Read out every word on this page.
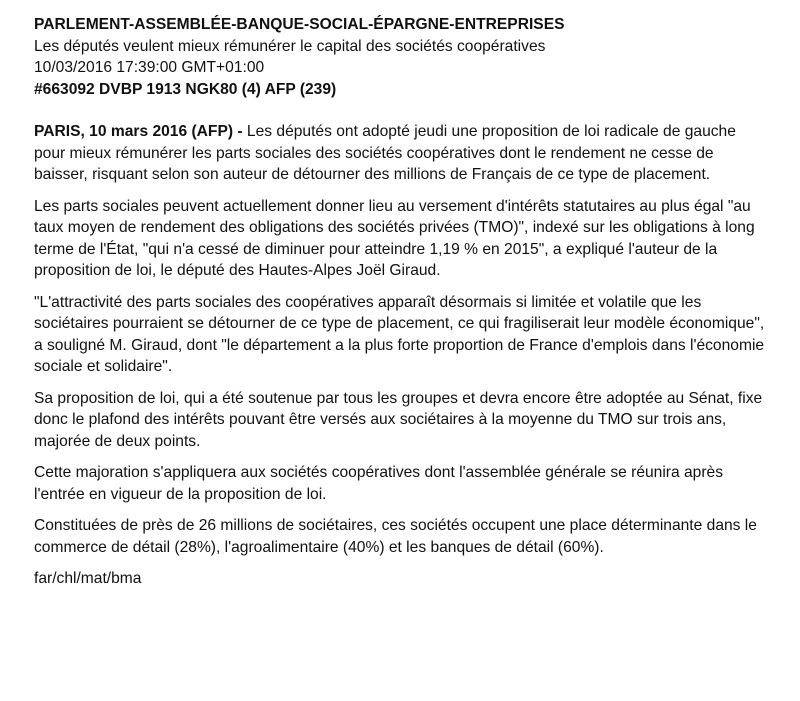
PARLEMENT-ASSEMBLÉE-BANQUE-SOCIAL-ÉPARGNE-ENTREPRISES
Les députés veulent mieux rémunérer le capital des sociétés coopératives
10/03/2016 17:39:00 GMT+01:00
#663092 DVBP 1913 NGK80 (4) AFP (239)

PARIS, 10 mars 2016 (AFP) - Les députés ont adopté jeudi une proposition de loi radicale de gauche pour mieux rémunérer les parts sociales des sociétés coopératives dont le rendement ne cesse de baisser, risquant selon son auteur de détourner des millions de Français de ce type de placement.

Les parts sociales peuvent actuellement donner lieu au versement d'intérêts statutaires au plus égal "au taux moyen de rendement des obligations des sociétés privées (TMO)", indexé sur les obligations à long terme de l'État, "qui n'a cessé de diminuer pour atteindre 1,19 % en 2015", a expliqué l'auteur de la proposition de loi, le député des Hautes-Alpes Joël Giraud.

"L'attractivité des parts sociales des coopératives apparaît désormais si limitée et volatile que les sociétaires pourraient se détourner de ce type de placement, ce qui fragiliserait leur modèle économique", a souligné M. Giraud, dont "le département a la plus forte proportion de France d'emplois dans l'économie sociale et solidaire".

Sa proposition de loi, qui a été soutenue par tous les groupes et devra encore être adoptée au Sénat, fixe donc le plafond des intérêts pouvant être versés aux sociétaires à la moyenne du TMO sur trois ans, majorée de deux points.

Cette majoration s'appliquera aux sociétés coopératives dont l'assemblée générale se réunira après l'entrée en vigueur de la proposition de loi.

Constituées de près de 26 millions de sociétaires, ces sociétés occupent une place déterminante dans le commerce de détail (28%), l'agroalimentaire (40%) et les banques de détail (60%).

far/chl/mat/bma
